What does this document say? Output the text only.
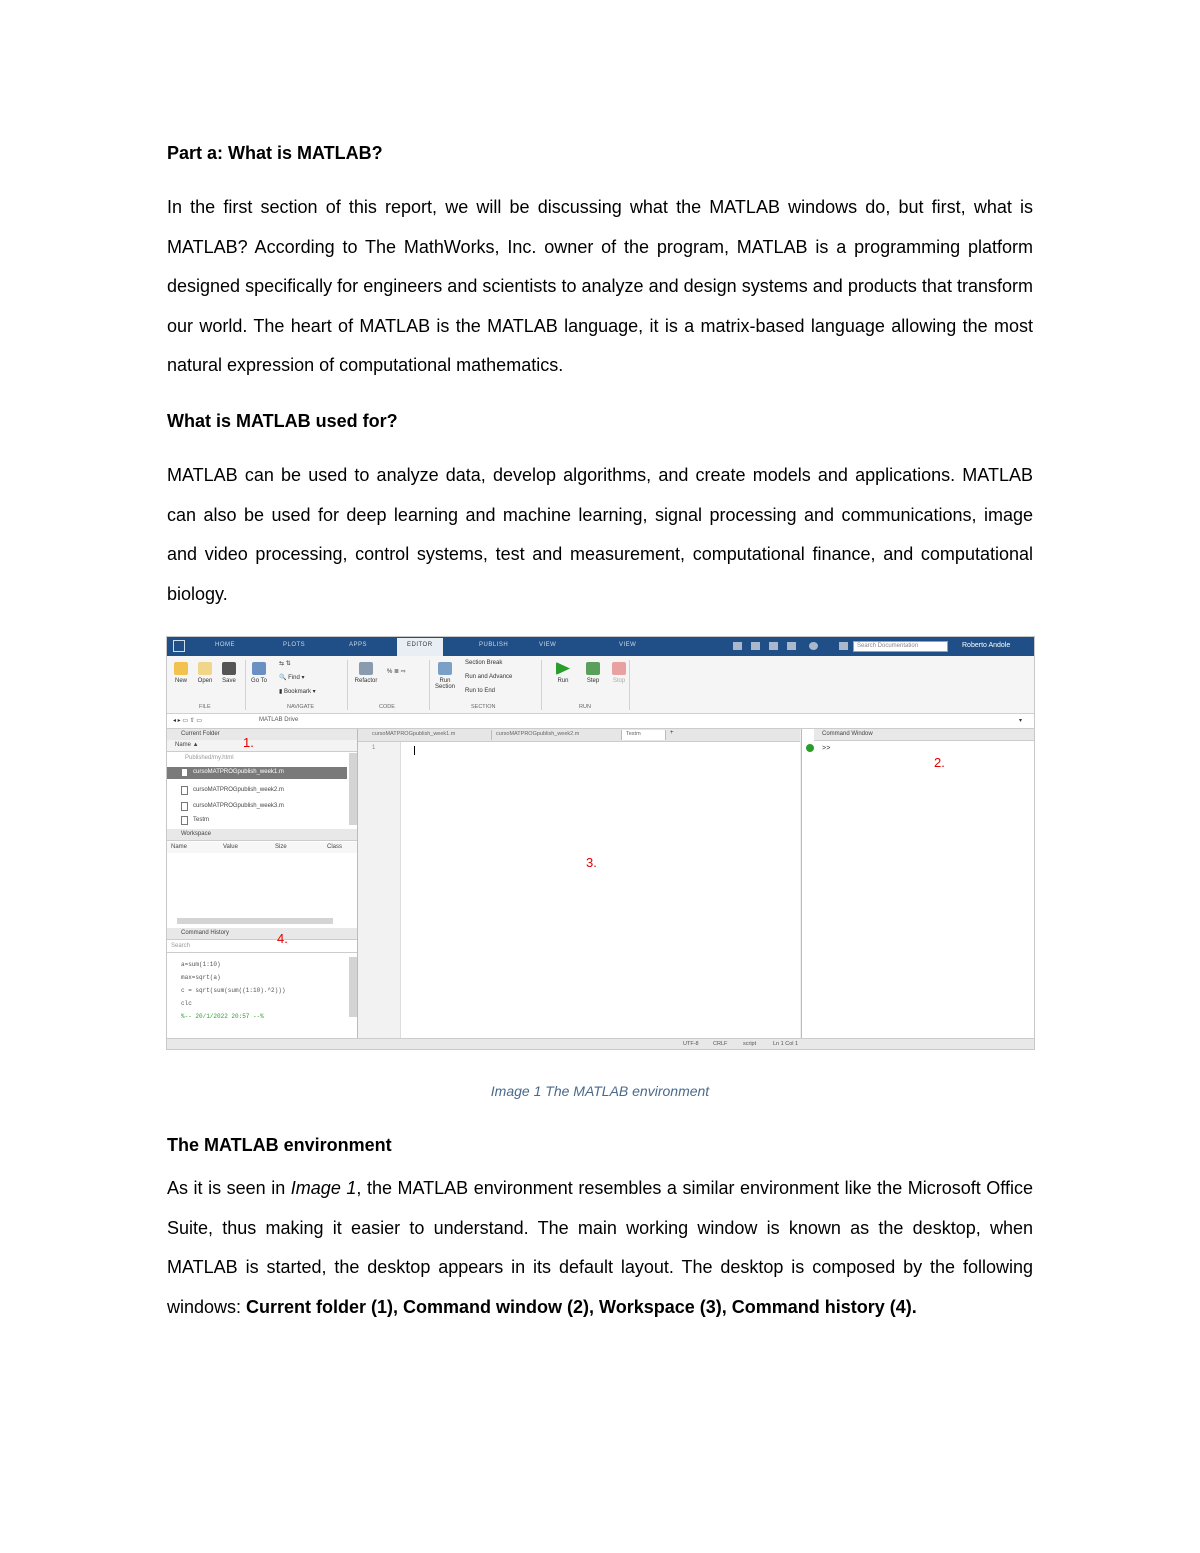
Part a: What is MATLAB?

In the first section of this report, we will be discussing what the MATLAB windows do, but first, what is MATLAB? According to The MathWorks, Inc. owner of the program, MATLAB is a programming platform designed specifically for engineers and scientists to analyze and design systems and products that transform our world. The heart of MATLAB is the MATLAB language, it is a matrix-based language allowing the most natural expression of computational mathematics.

What is MATLAB used for?

MATLAB can be used to analyze data, develop algorithms, and create models and applications. MATLAB can also be used for deep learning and machine learning, signal processing and communications, image and video processing, control systems, test and measurement, computational finance, and computational biology.

HOME	PLOTS	APPS	EDITOR	PUBLISH	VIEW	VIEW	Search Documentation	Roberto Andole
New	Open	Save
FILE
Go To
⇆ ⇅
🔍 Find ▾
▮ Bookmark ▾
NAVIGATE
Refactor
% ≣ ⇨
CODE
Run Section
Section Break
Run and Advance
Run to End
SECTION
Run	Step	Stop
RUN
◂ ▸ ▭ ⇧ ▭	MATLAB Drive	▾
Current Folder
Name ▲
Published/my.html
cursoMATPROGpublish_week1.m
cursoMATPROGpublish_week2.m
cursoMATPROGpublish_week3.m
Testm
Workspace
Name	Value	Size	Class
Command History
Search
a=sum(1:10)
max=sqrt(a)
c = sqrt(sum(sum((1:10).^2)))
clc
%-- 20/1/2022 20:57 --%
cursoMATPROGpublish_week1.m	cursoMATPROGpublish_week2.m	Testm	+
1
Command Window
>>
UTF-8	CRLF	script	Ln 1 Col 1
1.
2.
3.
4.
Image 1 The MATLAB environment
The MATLAB environment

As it is seen in Image 1, the MATLAB environment resembles a similar environment like the Microsoft Office Suite, thus making it easier to understand. The main working window is known as the desktop, when MATLAB is started, the desktop appears in its default layout. The desktop is composed by the following windows: Current folder (1), Command window (2), Workspace (3), Command history (4).
